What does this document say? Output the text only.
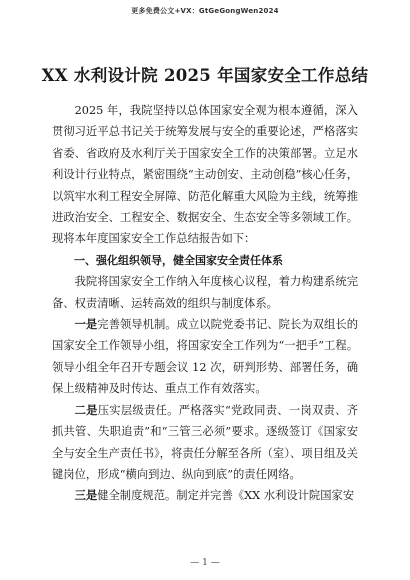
更多免费公文+VX：GtGeGongWen2024
XX 水利设计院 2025 年国家安全工作总结

2025 年，我院坚持以总体国家安全观为根本遵循，深入贯彻习近平总书记关于统筹发展与安全的重要论述，严格落实省委、省政府及水利厅关于国家安全工作的决策部署。立足水利设计行业特点，紧密围绕“主动创安、主动创稳”核心任务，以筑牢水利工程安全屏障、防范化解重大风险为主线，统筹推进政治安全、工程安全、数据安全、生态安全等多领域工作。现将本年度国家安全工作总结报告如下：

一、强化组织领导，健全国家安全责任体系

我院将国家安全工作纳入年度核心议程，着力构建系统完备、权责清晰、运转高效的组织与制度体系。

一是完善领导机制。成立以院党委书记、院长为双组长的国家安全工作领导小组，将国家安全工作列为“一把手”工程。领导小组全年召开专题会议 12 次，研判形势、部署任务，确保上级精神及时传达、重点工作有效落实。

二是压实层级责任。严格落实“党政同责、一岗双责、齐抓共管、失职追责”和“三管三必须”要求。逐级签订《国家安全与安全生产责任书》，将责任分解至各所（室）、项目组及关键岗位，形成“横向到边、纵向到底”的责任网络。

三是健全制度规范。制定并完善《XX 水利设计院国家安

— 1 —
